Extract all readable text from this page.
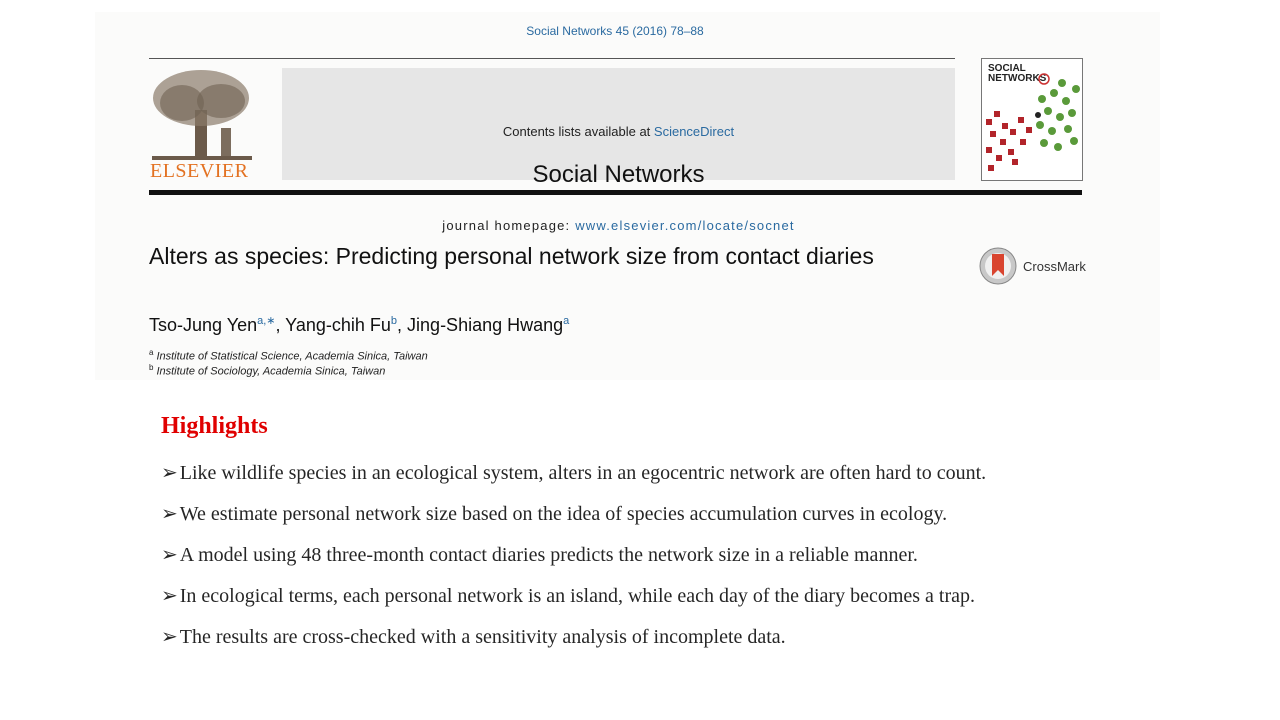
Social Networks 45 (2016) 78–88
ELSEVIER
Contents lists available at ScienceDirect
Social Networks
journal homepage: www.elsevier.com/locate/socnet
SOCIAL NETWORKS
Alters as species: Predicting personal network size from contact diaries	CrossMark
Tso-Jung Yen$^{a,∗}$, Yang-chih Fu$^b$, Jing-Shiang Hwang$^a$
$^a$ Institute of Statistical Science, Academia Sinica, Taiwan
$^b$ Institute of Sociology, Academia Sinica, Taiwan
Highlights
➢ Like wildlife species in an ecological system, alters in an egocentric network are often hard to count.
➢ We estimate personal network size based on the idea of species accumulation curves in ecology.
➢ A model using 48 three-month contact diaries predicts the network size in a reliable manner.
➢ In ecological terms, each personal network is an island, while each day of the diary becomes a trap.
➢ The results are cross-checked with a sensitivity analysis of incomplete data.
